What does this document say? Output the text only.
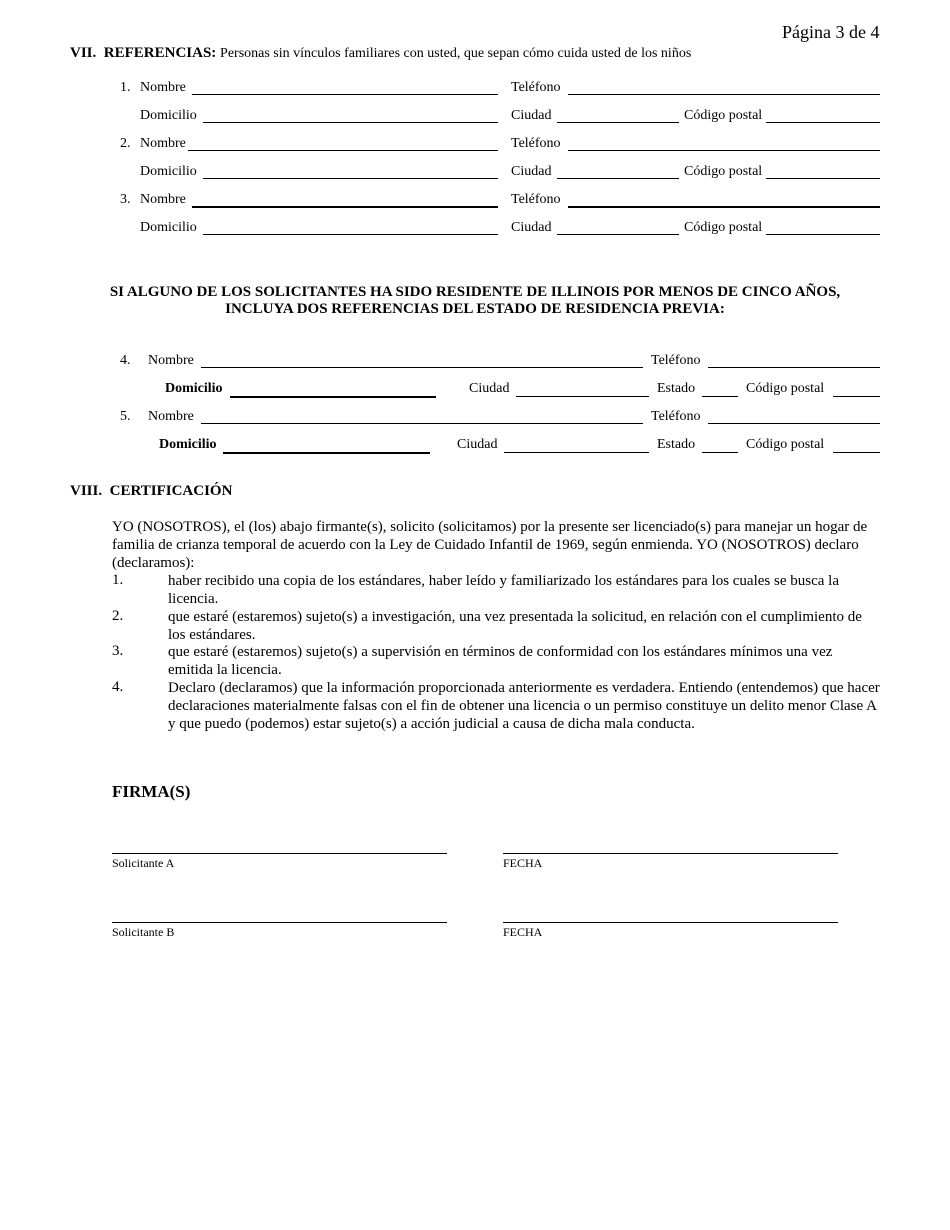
Página 3 de 4
VII. REFERENCIAS: Personas sin vínculos familiares con usted, que sepan cómo cuida usted de los niños
1. Nombre	Teléfono
Domicilio	Ciudad	Código postal
2. Nombre	Teléfono
Domicilio	Ciudad	Código postal
3. Nombre	Teléfono
Domicilio	Ciudad	Código postal
SI ALGUNO DE LOS SOLICITANTES HA SIDO RESIDENTE DE ILLINOIS POR MENOS DE CINCO AÑOS,
INCLUYA DOS REFERENCIAS DEL ESTADO DE RESIDENCIA PREVIA:
4. Nombre	Teléfono
Domicilio	Ciudad	Estado	Código postal
5. Nombre	Teléfono
Domicilio	Ciudad	Estado	Código postal
VIII. CERTIFICACIÓN
YO (NOSOTROS), el (los) abajo firmante(s), solicito (solicitamos) por la presente ser licenciado(s) para manejar un hogar de familia de crianza temporal de acuerdo con la Ley de Cuidado Infantil de 1969, según enmienda. YO (NOSOTROS) declaro (declaramos):
1.	haber recibido una copia de los estándares, haber leído y familiarizado los estándares para los cuales se busca la licencia.
2.	que estaré (estaremos) sujeto(s) a investigación, una vez presentada la solicitud, en relación con el cumplimiento de los estándares.
3.	que estaré (estaremos) sujeto(s) a supervisión en términos de conformidad con los estándares mínimos una vez emitida la licencia.
4.	Declaro (declaramos) que la información proporcionada anteriormente es verdadera. Entiendo (entendemos) que hacer declaraciones materialmente falsas con el fin de obtener una licencia o un permiso constituye un delito menor Clase A y que puedo (podemos) estar sujeto(s) a acción judicial a causa de dicha mala conducta.
FIRMA(S)
Solicitante A	FECHA
Solicitante B	FECHA
